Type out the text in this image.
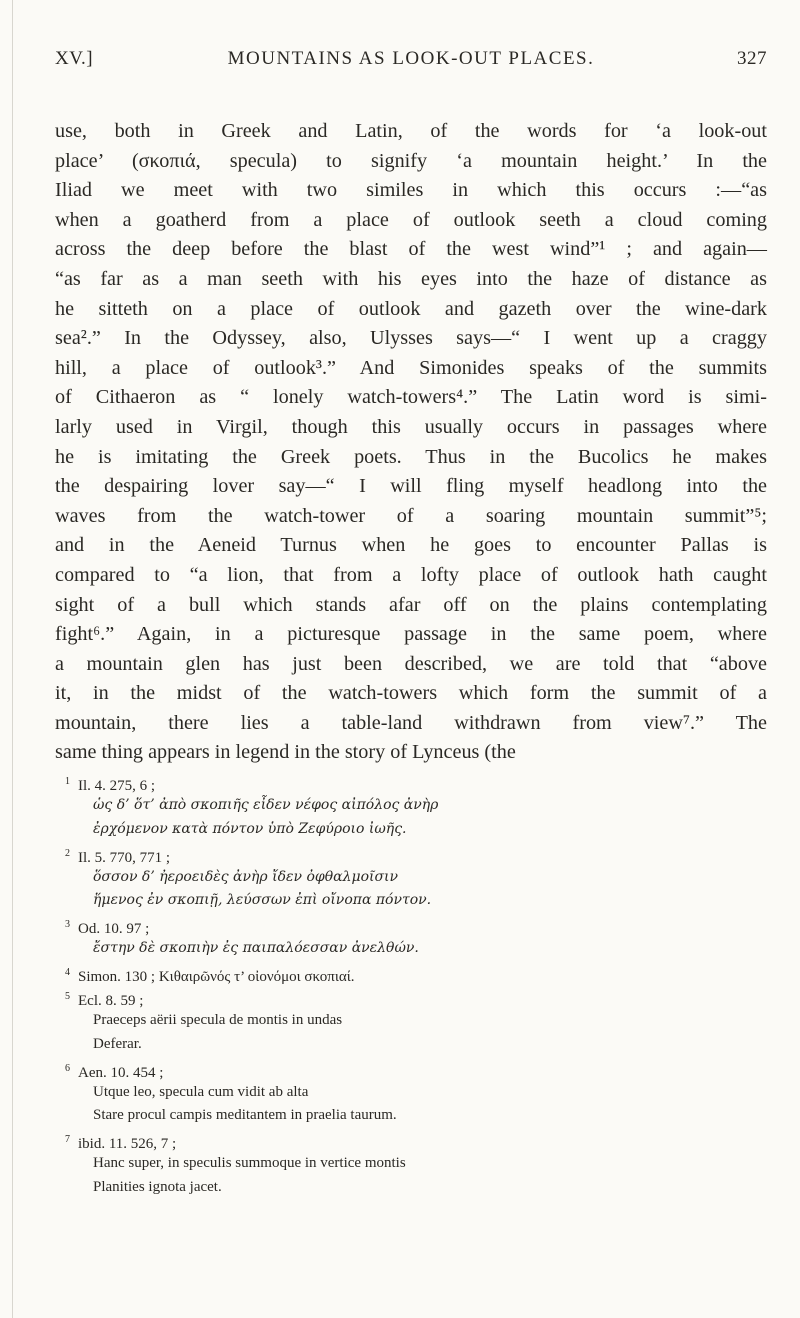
XV.]	MOUNTAINS AS LOOK-OUT PLACES.	327
use, both in Greek and Latin, of the words for ‘a look-out
place’ (σκοπιά, specula) to signify ‘a mountain height.’ In the
Iliad we meet with two similes in which this occurs :—“as
when a goatherd from a place of outlook seeth a cloud coming
across the deep before the blast of the west wind”¹ ; and again—
“as far as a man seeth with his eyes into the haze of distance as
he sitteth on a place of outlook and gazeth over the wine-dark
sea².” In the Odyssey, also, Ulysses says—“ I went up a craggy
hill, a place of outlook³.” And Simonides speaks of the summits
of Cithaeron as “ lonely watch-towers⁴.” The Latin word is simi-
larly used in Virgil, though this usually occurs in passages where
he is imitating the Greek poets. Thus in the Bucolics he makes
the despairing lover say—“ I will fling myself headlong into the
waves from the watch-tower of a soaring mountain summit”⁵;
and in the Aeneid Turnus when he goes to encounter Pallas is
compared to “a lion, that from a lofty place of outlook hath caught
sight of a bull which stands afar off on the plains contemplating
fight⁶.” Again, in a picturesque passage in the same poem, where
a mountain glen has just been described, we are told that “above
it, in the midst of the watch-towers which form the summit of a
mountain, there lies a table-land withdrawn from view⁷.” The
same thing appears in legend in the story of Lynceus (the
$^1$ Il. 4. 275, 6 ;
ὡς δ’ ὅτ’ ἀπὸ σκοπιῆς εἶδεν νέφος αἰπόλος ἀνὴρ
ἐρχόμενον κατὰ πόντον ὑπὸ Ζεφύροιο ἰωῆς.
$^2$ Il. 5. 770, 771 ;
ὅσσον δ’ ἠεροειδὲς ἀνὴρ ἴδεν ὀφθαλμοῖσιν
ἥμενος ἐν σκοπιῇ, λεύσσων ἐπὶ οἴνοπα πόντον.
$^3$ Od. 10. 97 ;
ἔστην δὲ σκοπιὴν ἐς παιπαλόεσσαν ἀνελθών.
$^4$ Simon. 130 ; Κιθαιρῶνός τ’ οἰονόμοι σκοπιαί.
$^5$ Ecl. 8. 59 ;
Praeceps aërii specula de montis in undas
Deferar.
$^6$ Aen. 10. 454 ;
Utque leo, specula cum vidit ab alta
Stare procul campis meditantem in praelia taurum.
$^7$ ibid. 11. 526, 7 ;
Hanc super, in speculis summoque in vertice montis
Planities ignota jacet.
